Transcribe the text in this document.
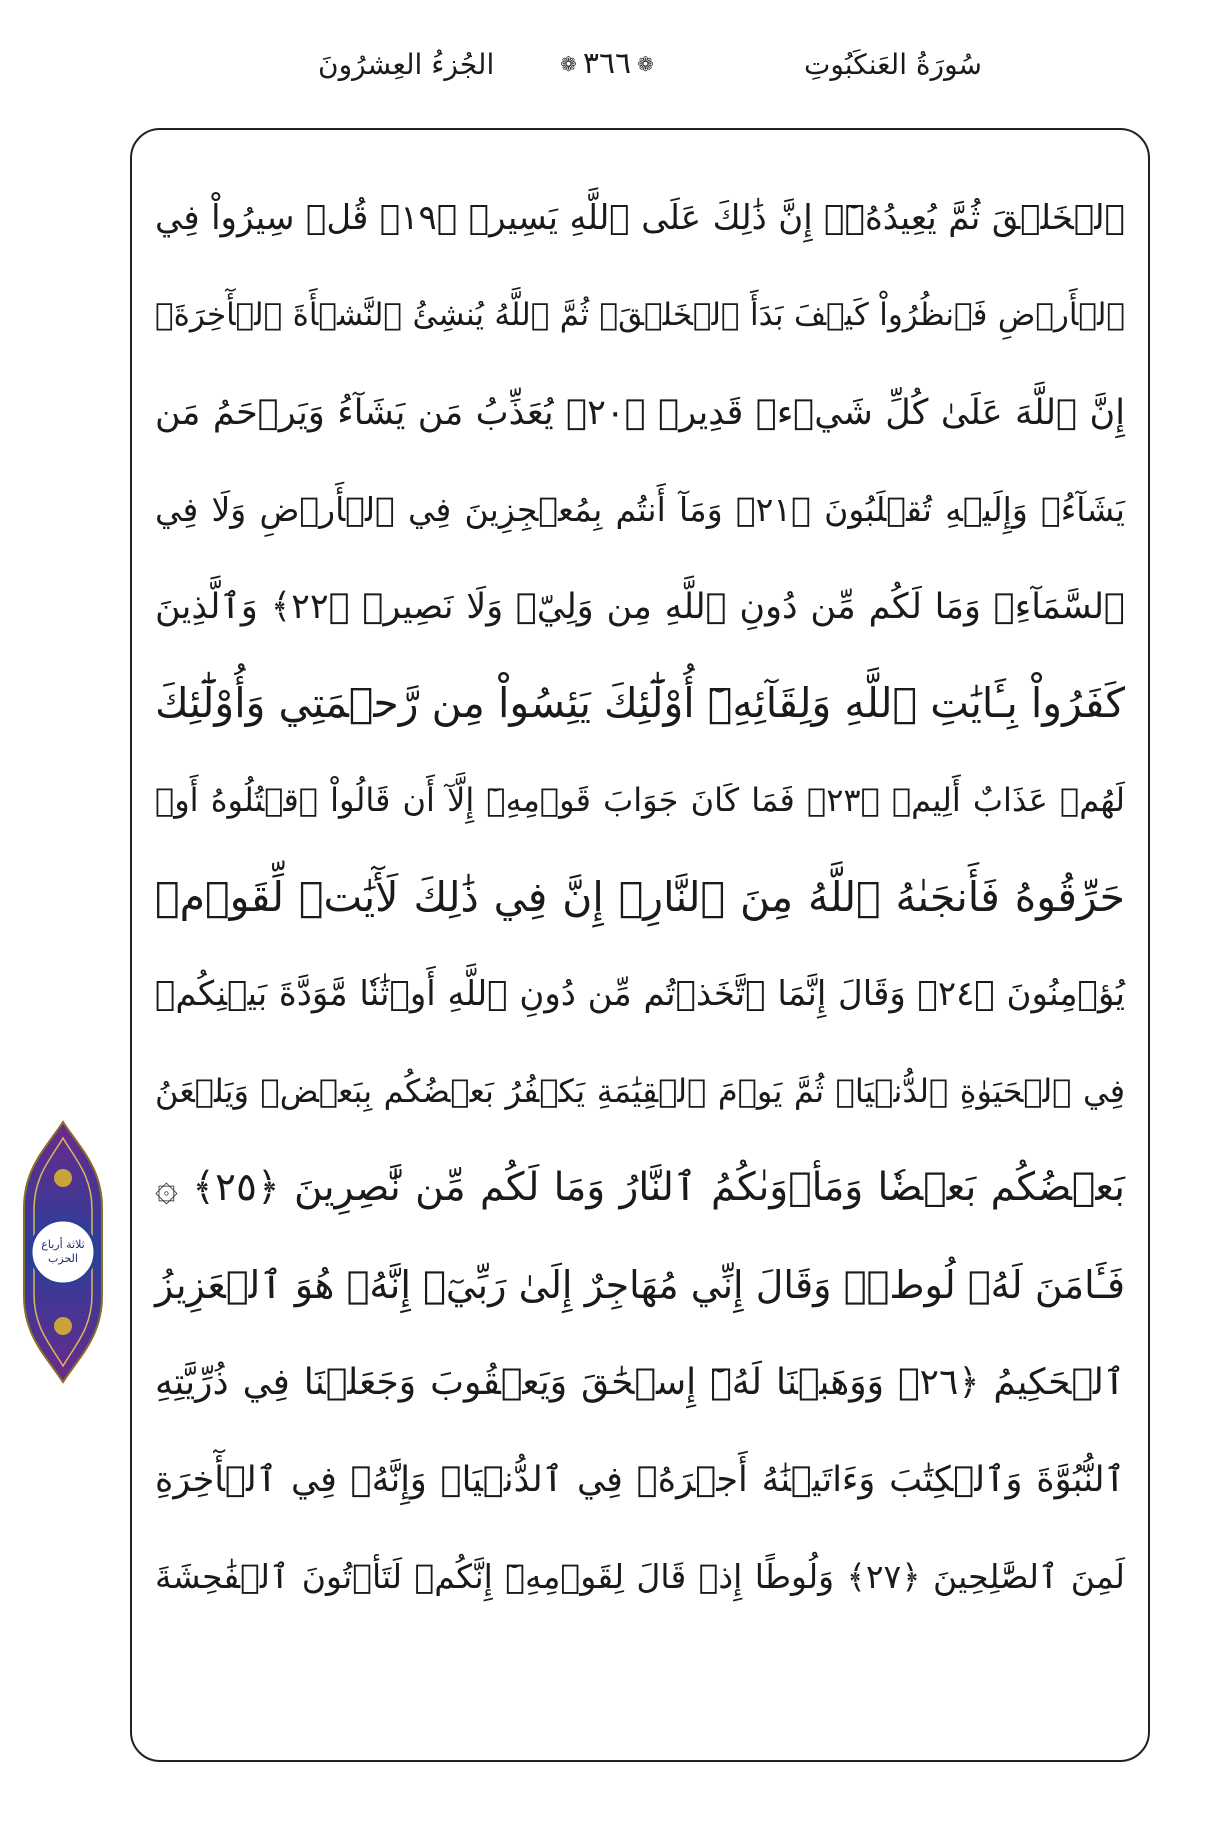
سُورَةُ العَنكَبُوتِ
❁
٣٦٦
❁
الجُزءُ العِشرُونَ
ٱلۡخَلۡقَ ثُمَّ يُعِيدُهُۥٓۚ إِنَّ ذَٰلِكَ عَلَى ٱللَّهِ يَسِيرٞ ﴿١٩﴾ قُلۡ سِيرُواْ فِي
ٱلۡأَرۡضِ فَٱنظُرُواْ كَيۡفَ بَدَأَ ٱلۡخَلۡقَۚ ثُمَّ ٱللَّهُ يُنشِئُ ٱلنَّشۡأَةَ ٱلۡأٓخِرَةَۚ
إِنَّ ٱللَّهَ عَلَىٰ كُلِّ شَيۡءٖ قَدِيرٞ ﴿٢٠﴾ يُعَذِّبُ مَن يَشَآءُ وَيَرۡحَمُ مَن
يَشَآءُۖ وَإِلَيۡهِ تُقۡلَبُونَ ﴿٢١﴾ وَمَآ أَنتُم بِمُعۡجِزِينَ فِي ٱلۡأَرۡضِ وَلَا فِي
ٱلسَّمَآءِۖ وَمَا لَكُم مِّن دُونِ ٱللَّهِ مِن وَلِيّٖ وَلَا نَصِيرٖ ﴿٢٢﴾ وَٱلَّذِينَ
كَفَرُواْ بِـَٔايَٰتِ ٱللَّهِ وَلِقَآئِهِۦٓ أُوْلَٰٓئِكَ يَئِسُواْ مِن رَّحۡمَتِي وَأُوْلَٰٓئِكَ
لَهُمۡ عَذَابٌ أَلِيمٞ ﴿٢٣﴾ فَمَا كَانَ جَوَابَ قَوۡمِهِۦٓ إِلَّآ أَن قَالُواْ ٱقۡتُلُوهُ أَوۡ
حَرِّقُوهُ فَأَنجَىٰهُ ٱللَّهُ مِنَ ٱلنَّارِۚ إِنَّ فِي ذَٰلِكَ لَأٓيَٰتٖ لِّقَوۡمٖ
يُؤۡمِنُونَ ﴿٢٤﴾ وَقَالَ إِنَّمَا ٱتَّخَذۡتُم مِّن دُونِ ٱللَّهِ أَوۡثَٰنٗا مَّوَدَّةَ بَيۡنِكُمۡ
فِي ٱلۡحَيَوٰةِ ٱلدُّنۡيَاۖ ثُمَّ يَوۡمَ ٱلۡقِيَٰمَةِ يَكۡفُرُ بَعۡضُكُم بِبَعۡضٖ وَيَلۡعَنُ
بَعۡضُكُم بَعۡضٗا وَمَأۡوَىٰكُمُ ٱلنَّارُ وَمَا لَكُم مِّن نَّٰصِرِينَ ﴿٢٥﴾ ۞
فَـَٔامَنَ لَهُۥ لُوطٞۘ وَقَالَ إِنِّي مُهَاجِرٌ إِلَىٰ رَبِّيٓۖ إِنَّهُۥ هُوَ ٱلۡعَزِيزُ
ٱلۡحَكِيمُ ﴿٢٦﴾ وَوَهَبۡنَا لَهُۥٓ إِسۡحَٰقَ وَيَعۡقُوبَ وَجَعَلۡنَا فِي ذُرِّيَّتِهِ
ٱلنُّبُوَّةَ وَٱلۡكِتَٰبَ وَءَاتَيۡنَٰهُ أَجۡرَهُۥ فِي ٱلدُّنۡيَاۖ وَإِنَّهُۥ فِي ٱلۡأٓخِرَةِ
لَمِنَ ٱلصَّٰلِحِينَ ﴿٢٧﴾ وَلُوطًا إِذۡ قَالَ لِقَوۡمِهِۦٓ إِنَّكُمۡ لَتَأۡتُونَ ٱلۡفَٰحِشَةَ
ثلاثة أرباع
الحزب
